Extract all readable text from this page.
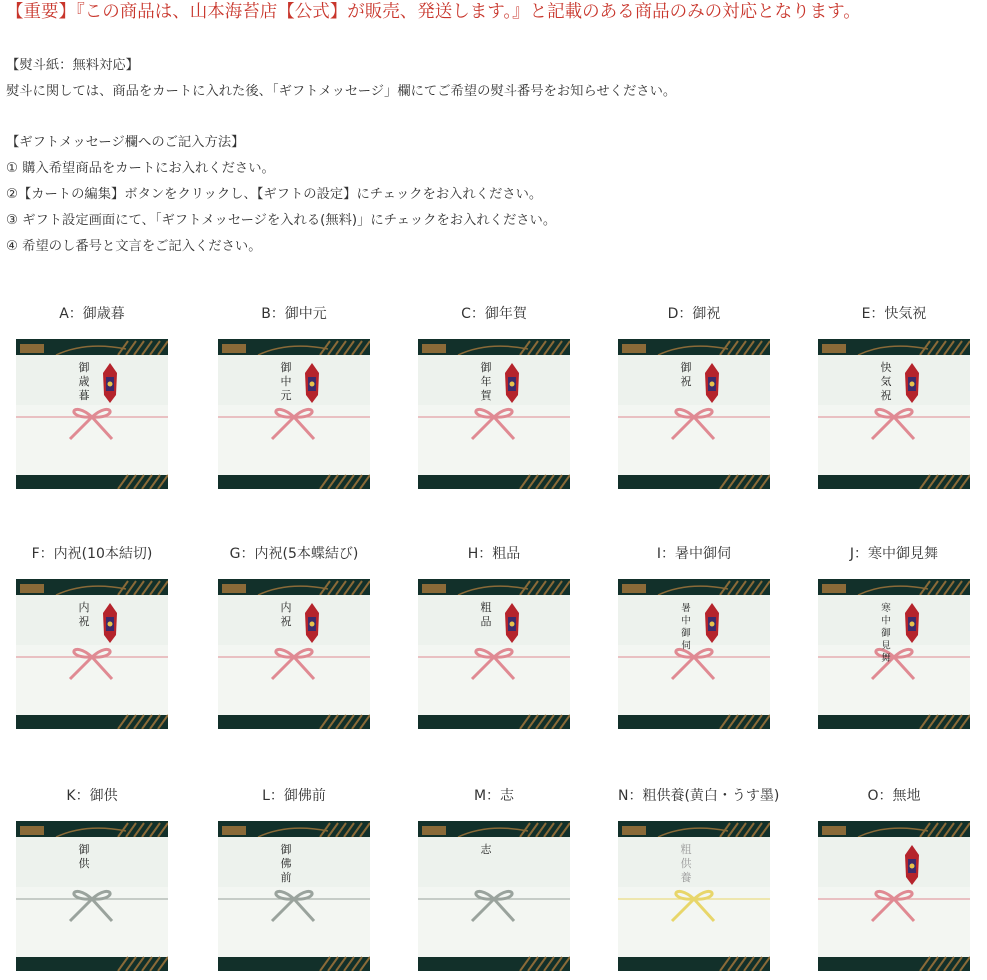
【重要】『この商品は、山本海苔店【公式】が販売、発送します。』と記載のある商品のみの対応となります。
【熨斗紙：無料対応】
熨斗に関しては、商品をカートに入れた後、「ギフトメッセージ」欄にてご希望の熨斗番号をお知らせください。
【ギフトメッセージ欄へのご記入方法】
① 購入希望商品をカートにお入れください。
②【カートの編集】ボタンをクリックし、【ギフトの設定】にチェックをお入れください。
③ ギフト設定画面にて、「ギフトメッセージを入れる(無料)」にチェックをお入れください。
④ 希望のし番号と文言をご記入ください。
A：御歳暮
御
歳
暮
B：御中元
御
中
元
C：御年賀
御
年
賀
D：御祝
御
祝
E：快気祝
快
気
祝
F：内祝(10本結切)
内
祝
G：内祝(5本蝶結び)
内
祝
H：粗品
粗
品
I：暑中御伺
暑
中
御
伺
J：寒中御見舞
寒
中
御
見
舞
K：御供
御
供
L：御佛前
御
佛
前
M：志
志
N：粗供養(黄白・うす墨)
粗
供
養
O：無地
